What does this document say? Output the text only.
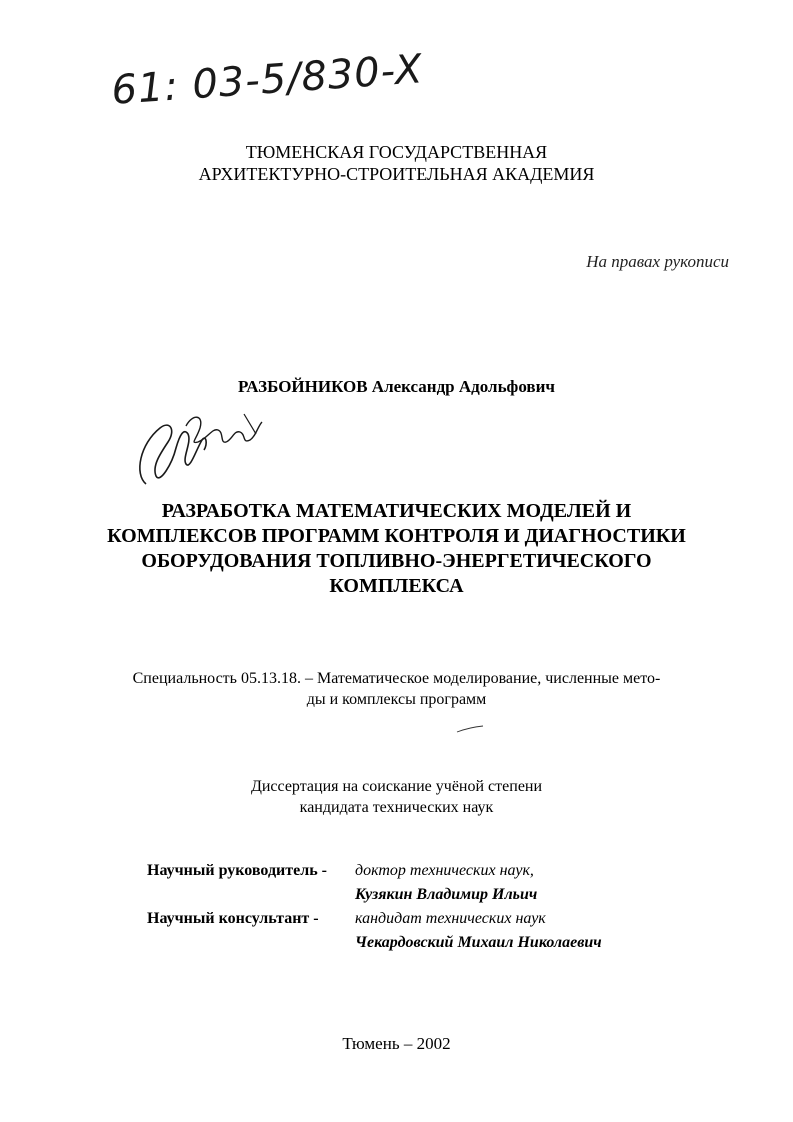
61: 03-5/830-X
ТЮМЕНСКАЯ ГОСУДАРСТВЕННАЯ
АРХИТЕКТУРНО-СТРОИТЕЛЬНАЯ АКАДЕМИЯ
На правах рукописи
РАЗБОЙНИКОВ Александр Адольфович
РАЗРАБОТКА МАТЕМАТИЧЕСКИХ МОДЕЛЕЙ И
КОМПЛЕКСОВ ПРОГРАММ КОНТРОЛЯ И ДИАГНОСТИКИ
ОБОРУДОВАНИЯ ТОПЛИВНО-ЭНЕРГЕТИЧЕСКОГО
КОМПЛЕКСА
Специальность 05.13.18. – Математическое моделирование, численные мето-
ды и комплексы программ
Диссертация на соискание учёной степени
кандидата технических наук
Научный руководитель -	доктор технических наук,
Кузякин Владимир Ильич
Научный консультант -	кандидат технических наук
Чекардовский Михаил Николаевич
Тюмень – 2002
